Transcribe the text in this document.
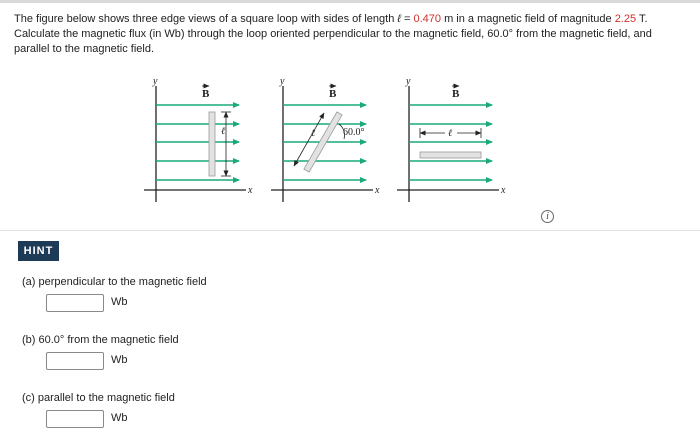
The figure below shows three edge views of a square loop with sides of length ℓ = 0.470 m in a magnetic field of magnitude 2.25 T. Calculate the magnetic flux (in Wb) through the loop oriented perpendicular to the magnetic field, 60.0° from the magnetic field, and parallel to the magnetic field.
y
x
ℓ
B
y
x
ℓ	60.0°
B
y
x
ℓ
B
i
HINT
(a) perpendicular to the magnetic field
Wb
(b) 60.0° from the magnetic field
Wb
(c) parallel to the magnetic field
Wb
